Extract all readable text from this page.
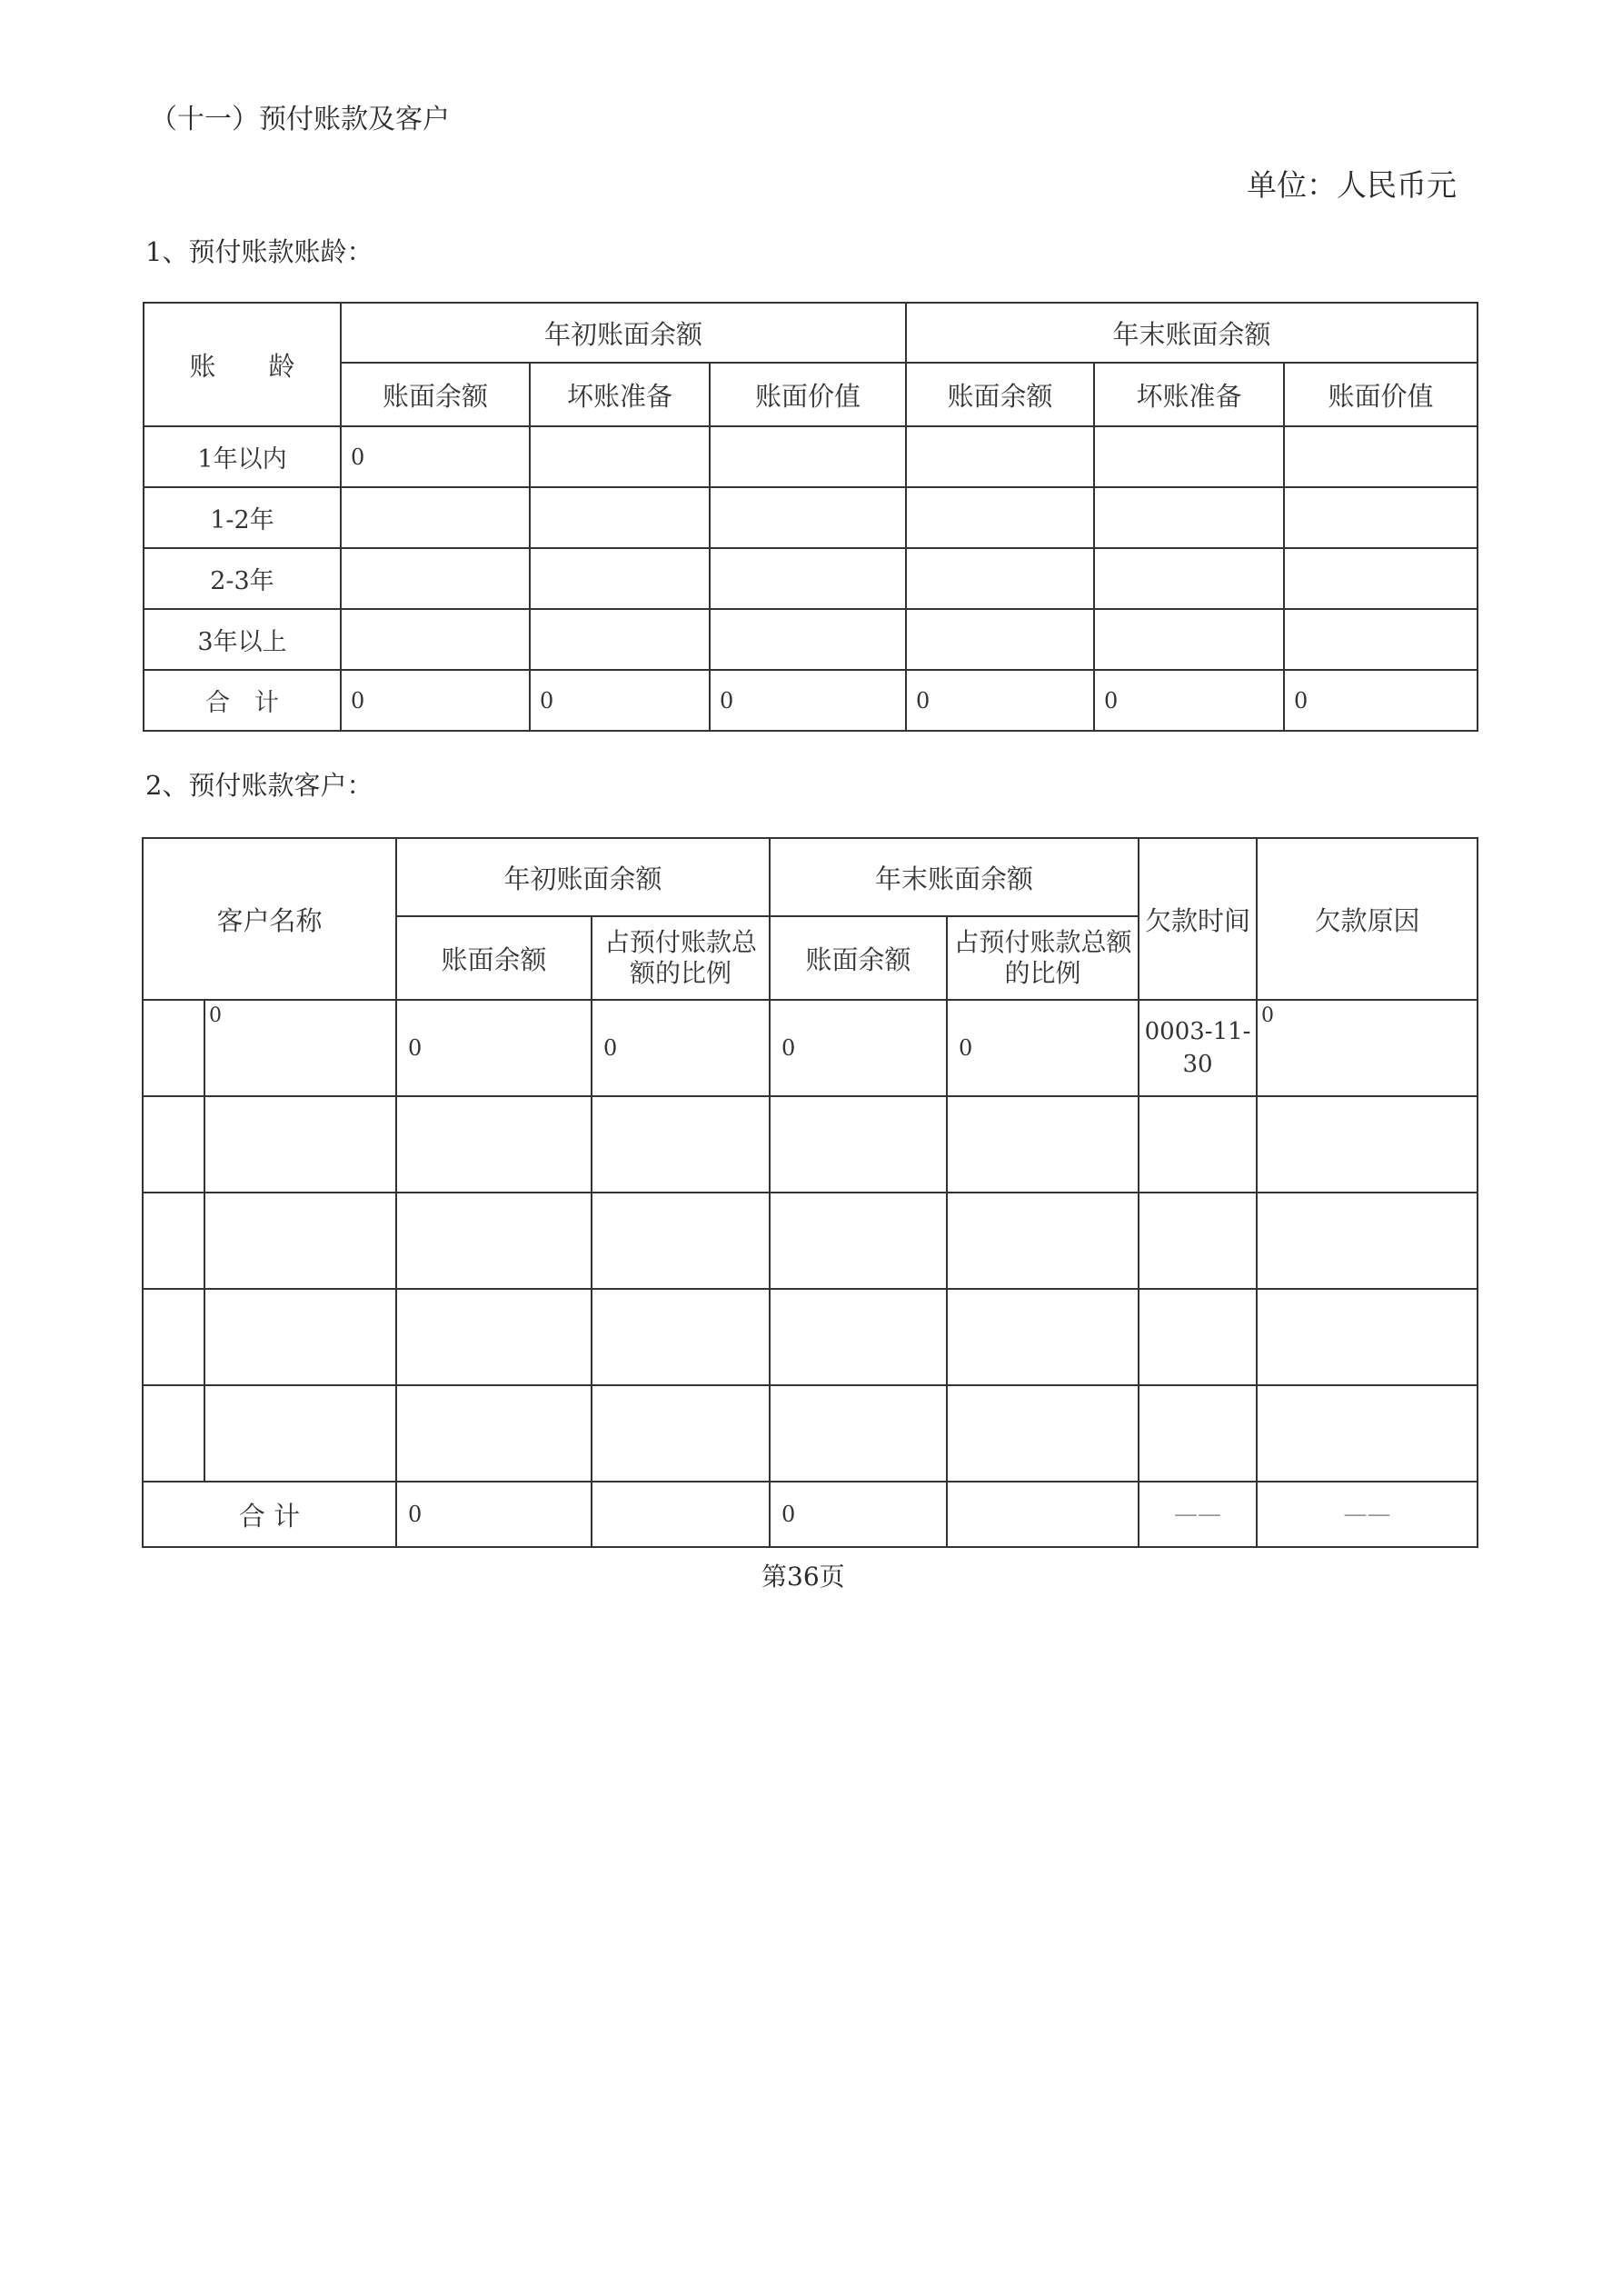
（十一）预付账款及客户
单位：人民币元
1、预付账款账龄：
账　　龄	年初账面余额			年末账面余额		
	账面余额	坏账准备	账面价值	账面余额	坏账准备	账面价值
1年以内	0					
1-2年						
2-3年						
3年以上						
合　计	0	0	0	0	0	0
2、预付账款客户：
客户名称		年初账面余额		年末账面余额		欠款时间	欠款原因
		账面余额	占预付账款总额的比例	账面余额	占预付账款总额的比例		
	0	0	0	0	0	0003-11-30	0

合 计		0		0		——	——
第36页
